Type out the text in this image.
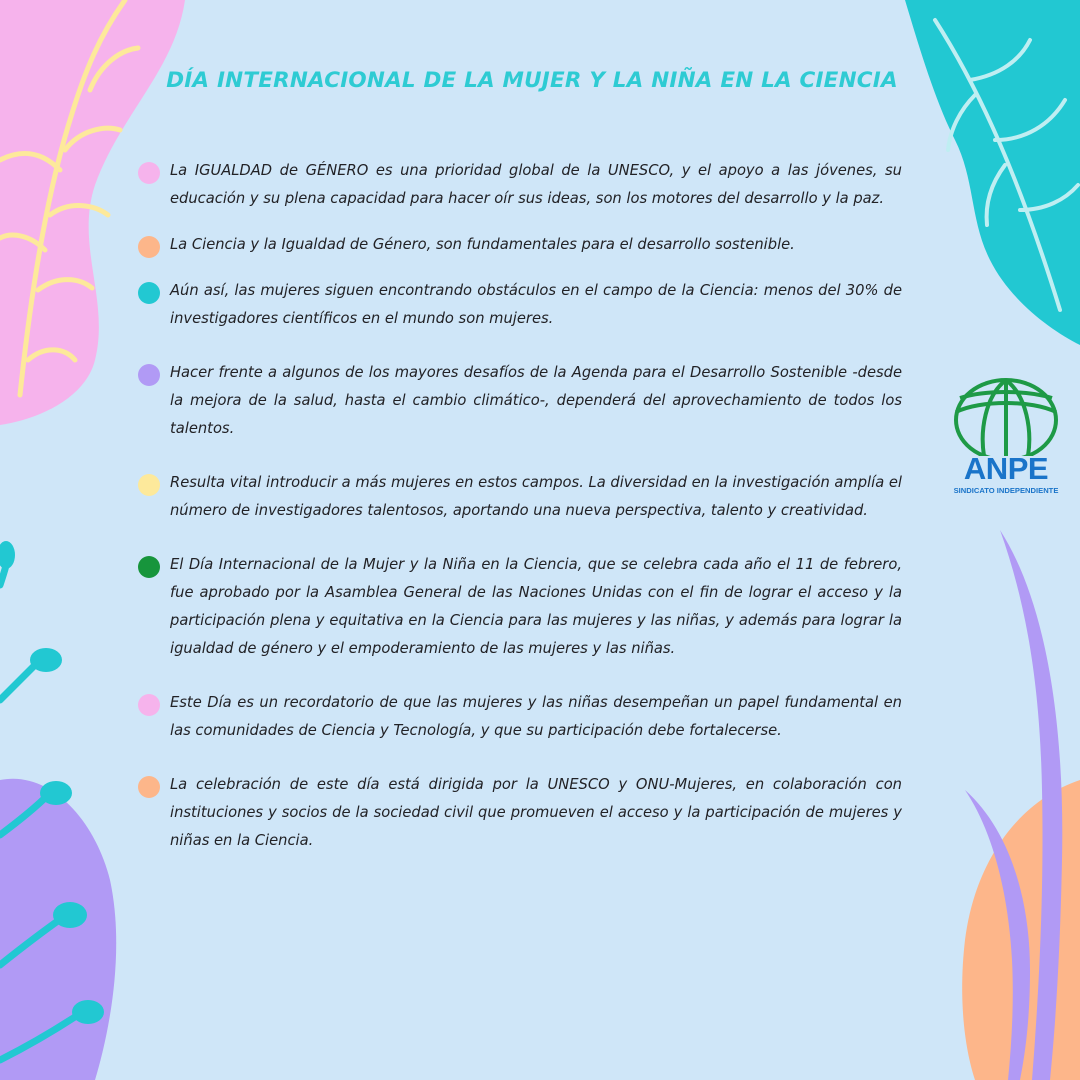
DÍA INTERNACIONAL DE LA MUJER Y LA NIÑA EN LA CIENCIA

La IGUALDAD de GÉNERO es una prioridad global de la UNESCO, y el apoyo a las jóvenes, su educación y su plena capacidad para hacer oír sus ideas, son los motores del desarrollo y la paz.

La Ciencia y la Igualdad de Género, son fundamentales para el desarrollo sostenible.

Aún así, las mujeres siguen encontrando obstáculos en el campo de la Ciencia: menos del 30% de investigadores científicos en el mundo son mujeres.

Hacer frente a algunos de los mayores desafíos de la Agenda para el Desarrollo Sostenible -desde la mejora de la salud, hasta el cambio climático-, dependerá del aprovechamiento de todos los talentos.

Resulta vital introducir a más mujeres en estos campos. La diversidad en la investigación amplía el número de investigadores talentosos, aportando una nueva perspectiva, talento y creatividad.

El Día Internacional de la Mujer y la Niña en la Ciencia, que se celebra cada año el 11 de febrero, fue aprobado por la Asamblea General de las Naciones Unidas con el fin de lograr el acceso y la participación plena y equitativa en la Ciencia para las mujeres y las niñas, y además para lograr la igualdad de género y el empoderamiento de las mujeres y las niñas.

Este Día es un recordatorio de que las mujeres y las niñas desempeñan un papel fundamental en las comunidades de Ciencia y Tecnología, y que su participación debe fortalecerse.

La celebración de este día está dirigida por la UNESCO y ONU-Mujeres, en colaboración con instituciones y socios de la sociedad civil que promueven el acceso y la participación de mujeres y niñas en la Ciencia.

ANPE
SINDICATO INDEPENDIENTE
